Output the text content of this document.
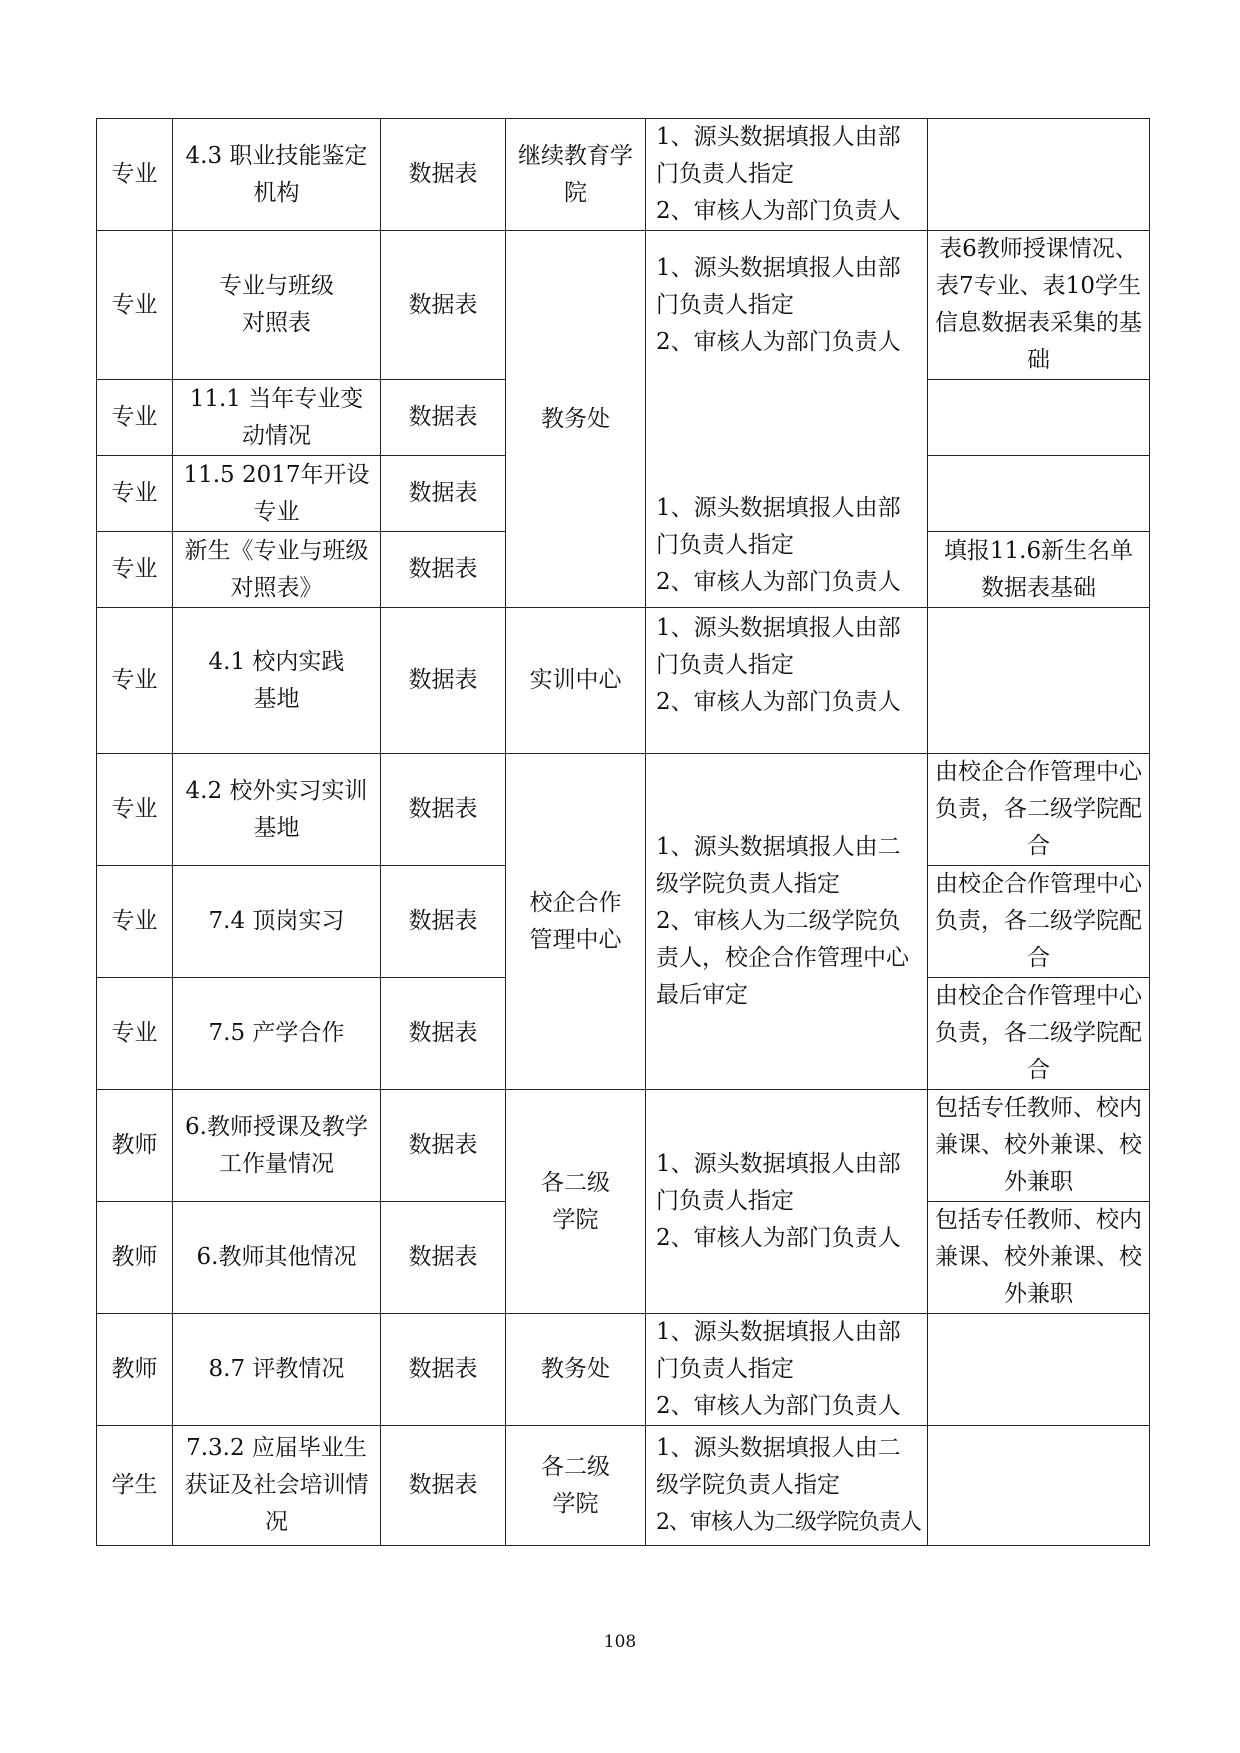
专业	4.3 职业技能鉴定机构	数据表	继续教育学院	1、源头数据填报人由部门负责人指定
2、审核人为部门负责人	

专业	专业与班级对照表	数据表	教务处	1、源头数据填报人由部门负责人指定
2、审核人为部门负责人	表6教师授课情况、表7专业、表10学生信息数据表采集的基础
专业	11.1 当年专业变动情况	数据表			
专业	11.5 2017年开设专业	数据表		1、源头数据填报人由部门负责人指定
2、审核人为部门负责人	

专业	新生《专业与班级对照表》	数据表			填报11.6新生名单数据表基础
专业	4.1 校内实践基地	数据表	实训中心	1、源头数据填报人由部门负责人指定
2、审核人为部门负责人	

专业	4.2 校外实习实训基地	数据表	校企合作管理中心	1、源头数据填报人由二级学院负责人指定
2、审核人为二级学院负责人，校企合作管理中心最后审定	由校企合作管理中心负责，各二级学院配合
专业	7.4 顶岗实习	数据表			由校企合作管理中心负责，各二级学院配合
专业	7.5 产学合作	数据表			由校企合作管理中心负责，各二级学院配合
教师	6.教师授课及教学工作量情况	数据表	各二级学院	1、源头数据填报人由部门负责人指定
2、审核人为部门负责人	包括专任教师、校内兼课、校外兼课、校外兼职
教师	6.教师其他情况	数据表			包括专任教师、校内兼课、校外兼课、校外兼职
教师	8.7 评教情况	数据表	教务处	1、源头数据填报人由部门负责人指定
2、审核人为部门负责人	

学生	7.3.2 应届毕业生获证及社会培训情况	数据表	各二级学院	1、源头数据填报人由二级学院负责人指定
2、审核人为二级学院负责人	

108
